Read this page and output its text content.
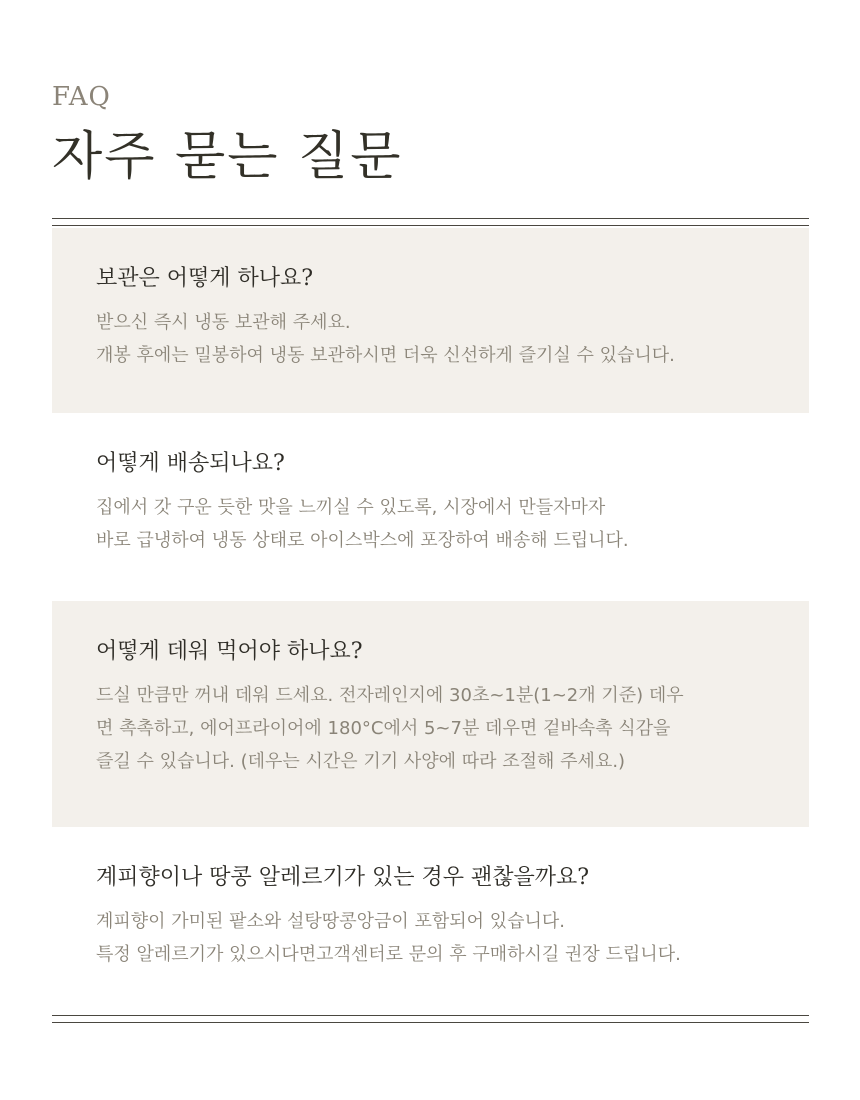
FAQ

자주 묻는 질문
보관은 어떻게 하나요?

받으신 즉시 냉동 보관해 주세요.
개봉 후에는 밀봉하여 냉동 보관하시면 더욱 신선하게 즐기실 수 있습니다.

어떻게 배송되나요?

집에서 갓 구운 듯한 맛을 느끼실 수 있도록, 시장에서 만들자마자
바로 급냉하여 냉동 상태로 아이스박스에 포장하여 배송해 드립니다.

어떻게 데워 먹어야 하나요?

드실 만큼만 꺼내 데워 드세요. 전자레인지에 30초~1분(1~2개 기준) 데우
면 촉촉하고, 에어프라이어에 180°C에서 5~7분 데우면 겉바속촉 식감을
즐길 수 있습니다. (데우는 시간은 기기 사양에 따라 조절해 주세요.)

계피향이나 땅콩 알레르기가 있는 경우 괜찮을까요?

계피향이 가미된 팥소와 설탕땅콩앙금이 포함되어 있습니다.
특정 알레르기가 있으시다면고객센터로 문의 후 구매하시길 권장 드립니다.
